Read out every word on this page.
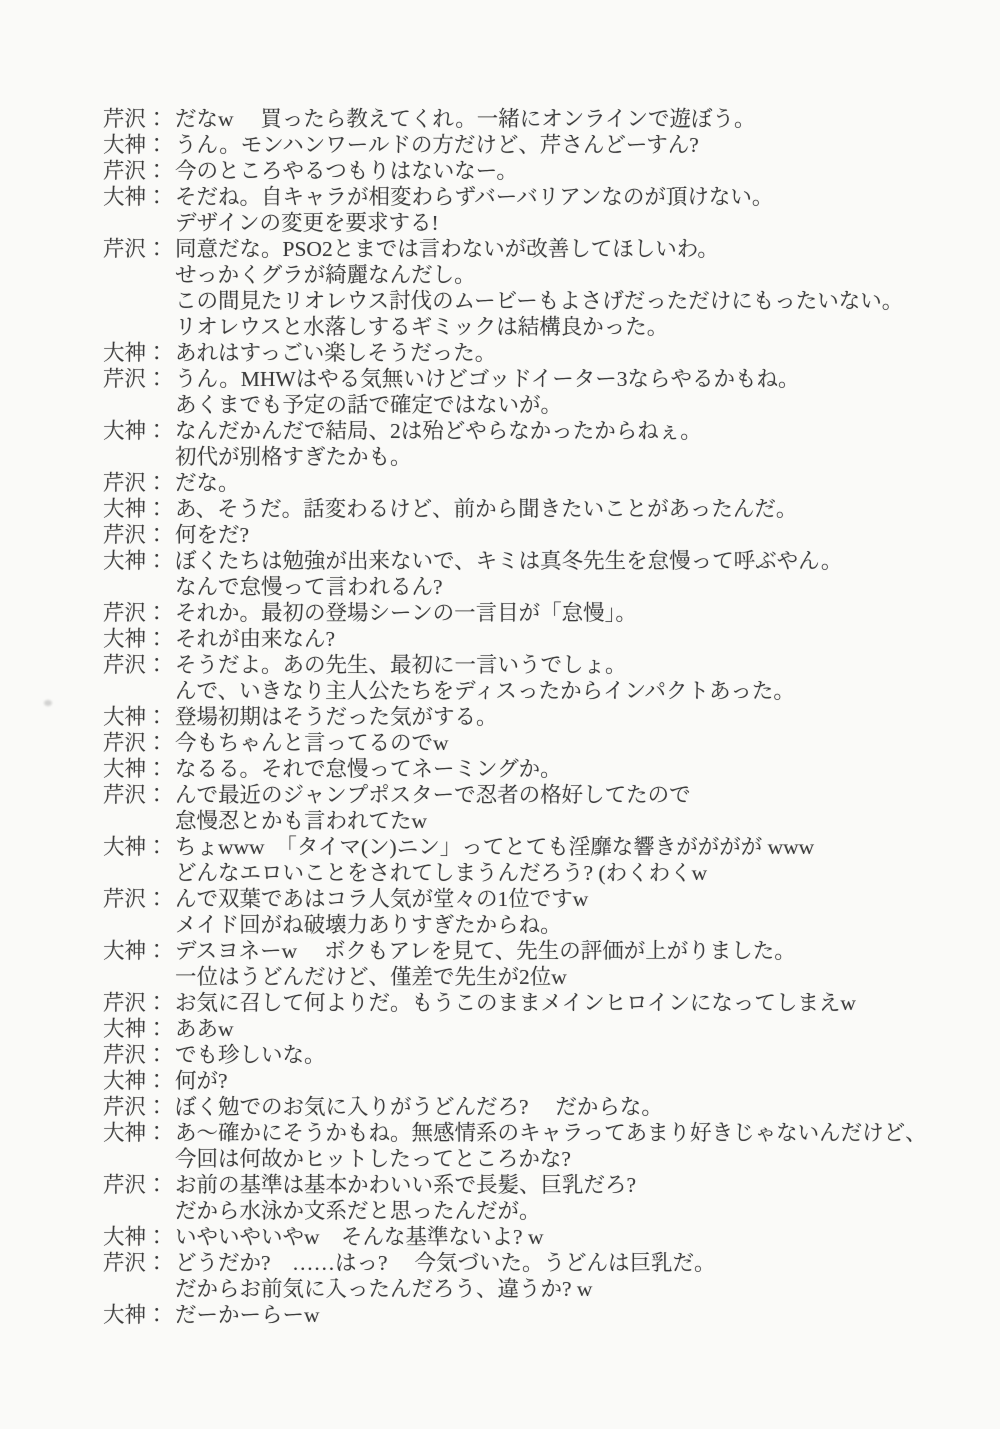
芹沢： だなw　 買ったら教えてくれ。一緒にオンラインで遊ぼう。
大神： うん。モンハンワールドの方だけど、芹さんどーすん?
芹沢： 今のところやるつもりはないなー。
大神： そだね。自キャラが相変わらずバーバリアンなのが頂けない。
デザインの変更を要求する!
芹沢： 同意だな。PSO2とまでは言わないが改善してほしいわ。
せっかくグラが綺麗なんだし。
この間見たリオレウス討伐のムービーもよさげだっただけにもったいない。
リオレウスと水落しするギミックは結構良かった。
大神： あれはすっごい楽しそうだった。
芹沢： うん。MHWはやる気無いけどゴッドイーター3ならやるかもね。
あくまでも予定の話で確定ではないが。
大神： なんだかんだで結局、2は殆どやらなかったからねぇ。
初代が別格すぎたかも。
芹沢： だな。
大神： あ、そうだ。話変わるけど、前から聞きたいことがあったんだ。
芹沢： 何をだ?
大神： ぼくたちは勉強が出来ないで、キミは真冬先生を怠慢って呼ぶやん。
なんで怠慢って言われるん?
芹沢： それか。最初の登場シーンの一言目が「怠慢」。
大神： それが由来なん?
芹沢： そうだよ。あの先生、最初に一言いうでしょ。
んで、いきなり主人公たちをディスったからインパクトあった。
大神： 登場初期はそうだった気がする。
芹沢： 今もちゃんと言ってるのでw
大神： なるる。それで怠慢ってネーミングか。
芹沢： んで最近のジャンプポスターで忍者の格好してたので
怠慢忍とかも言われてたw
大神： ちょwww　「タイマ(ン)ニン」ってとても淫靡な響きがががが www
どんなエロいことをされてしまうんだろう? (わくわくw
芹沢： んで双葉であはコラ人気が堂々の1位ですw
メイド回がね破壊力ありすぎたからね。
大神： デスヨネーw　 ボクもアレを見て、先生の評価が上がりました。
一位はうどんだけど、僅差で先生が2位w
芹沢： お気に召して何よりだ。もうこのままメインヒロインになってしまえw
大神： ああw
芹沢： でも珍しいな。
大神： 何が?
芹沢： ぼく勉でのお気に入りがうどんだろ?　 だからな。
大神： あ〜確かにそうかもね。無感情系のキャラってあまり好きじゃないんだけど、
今回は何故かヒットしたってところかな?
芹沢： お前の基準は基本かわいい系で長髪、巨乳だろ?
だから水泳か文系だと思ったんだが。
大神： いやいやいやw　そんな基準ないよ? w
芹沢： どうだか?　……はっ?　 今気づいた。うどんは巨乳だ。
だからお前気に入ったんだろう、違うか? w
大神： だーかーらーw
